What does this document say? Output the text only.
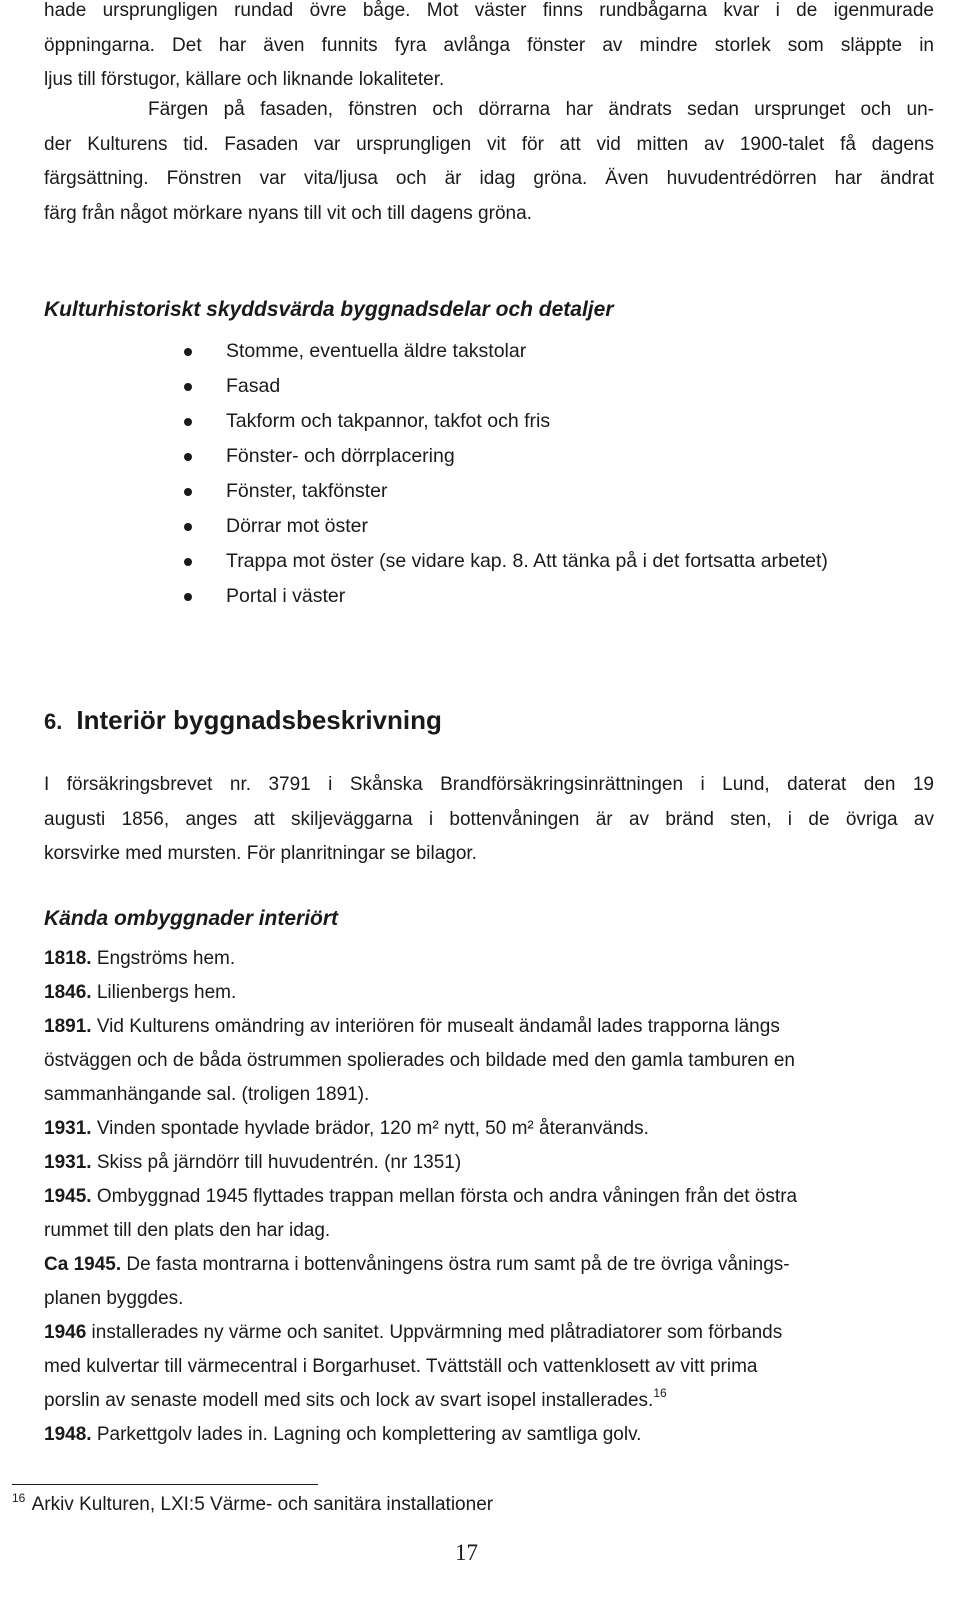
hade ursprungligen rundad övre båge. Mot väster finns rundbågarna kvar i de igenmurade
öppningarna. Det har även funnits fyra avlånga fönster av mindre storlek som släppte in
ljus till förstugor, källare och liknande lokaliteter.
Färgen på fasaden, fönstren och dörrarna har ändrats sedan ursprunget och un-
der Kulturens tid. Fasaden var ursprungligen vit för att vid mitten av 1900-talet få dagens
färgsättning. Fönstren var vita/ljusa och är idag gröna. Även huvudentrédörren har ändrat
färg från något mörkare nyans till vit och till dagens gröna.
Kulturhistoriskt skyddsvärda byggnadsdelar och detaljer
Stomme, eventuella äldre takstolar
Fasad
Takform och takpannor, takfot och fris
Fönster- och dörrplacering
Fönster, takfönster
Dörrar mot öster
Trappa mot öster (se vidare kap. 8. Att tänka på i det fortsatta arbetet)
Portal i väster
6. Interiör byggnadsbeskrivning
I försäkringsbrevet nr. 3791 i Skånska Brandförsäkringsinrättningen i Lund, daterat den 19
augusti 1856, anges att skiljeväggarna i bottenvåningen är av bränd sten, i de övriga av
korsvirke med mursten. För planritningar se bilagor.
Kända ombyggnader interiört

1818. Engströms hem.

1846. Lilienbergs hem.

1891. Vid Kulturens omändring av interiören för musealt ändamål lades trapporna längs
östväggen och de båda östrummen spolierades och bildade med den gamla tamburen en
sammanhängande sal. (troligen 1891).

1931. Vinden spontade hyvlade brädor, 120 m² nytt, 50 m² återanvänds.

1931. Skiss på järndörr till huvudentrén. (nr 1351)

1945. Ombyggnad 1945 flyttades trappan mellan första och andra våningen från det östra
rummet till den plats den har idag.

Ca 1945. De fasta montrarna i bottenvåningens östra rum samt på de tre övriga vånings-
planen byggdes.

1946 installerades ny värme och sanitet. Uppvärmning med plåtradiatorer som förbands
med kulvertar till värmecentral i Borgarhuset. Tvättställ och vattenklosett av vitt prima
porslin av senaste modell med sits och lock av svart isopel installerades.$^{16}$

1948. Parkettgolv lades in. Lagning och komplettering av samtliga golv.

$^{16}$ Arkiv Kulturen, LXI:5 Värme- och sanitära installationer
17
